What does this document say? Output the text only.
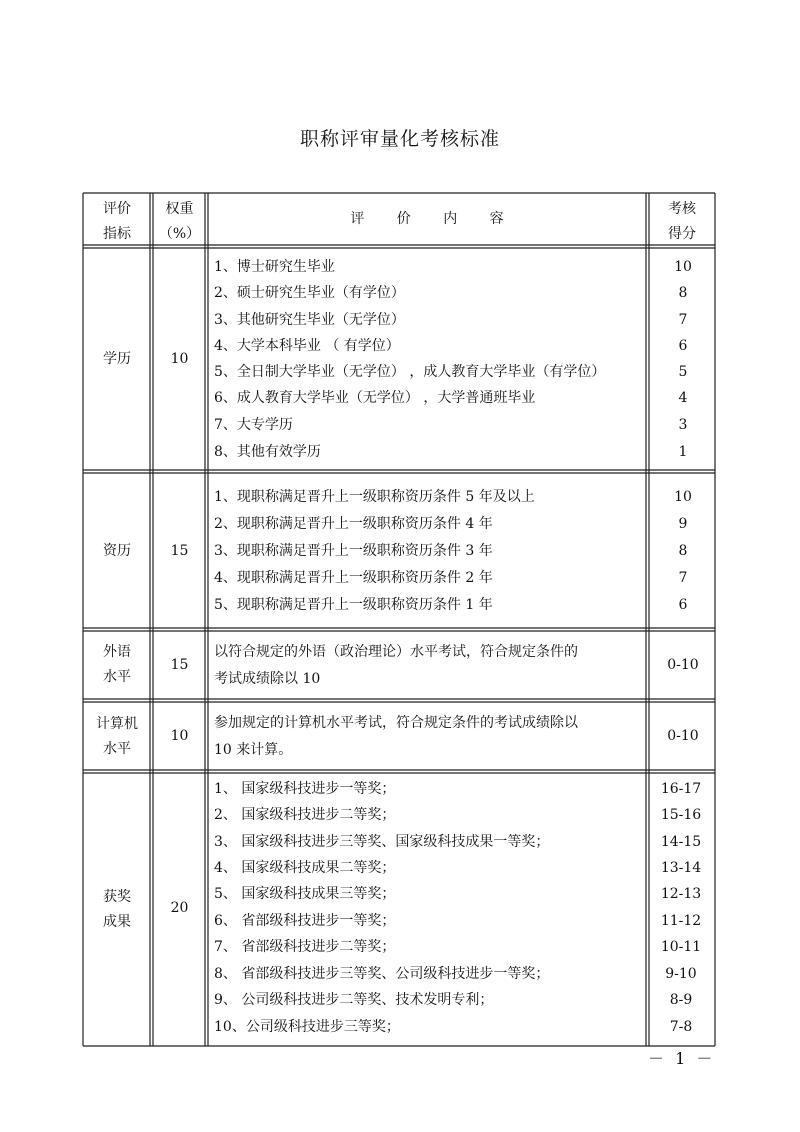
职称评审量化考核标准
评价
指标
权重
（%）
评 价 内 容
考核
得分
学历	10
1、博士研究生毕业
2、硕士研究生毕业（有学位）
3、其他研究生毕业（无学位）
4、大学本科毕业 （ 有学位）
5、全日制大学毕业（无学位） ，成人教育大学毕业（有学位）
6、成人教育大学毕业（无学位） ，大学普通班毕业
7、大专学历
8、其他有效学历
10
8
7
6
5
4
3
1
资历	15
1、现职称满足晋升上一级职称资历条件 5 年及以上
2、现职称满足晋升上一级职称资历条件 4 年
3、现职称满足晋升上一级职称资历条件 3 年
4、现职称满足晋升上一级职称资历条件 2 年
5、现职称满足晋升上一级职称资历条件 1 年
10
9
8
7
6
外语
水平
15
以符合规定的外语（政治理论）水平考试，符合规定条件的
考试成绩除以 10
0-10
计算机
水平
10
参加规定的计算机水平考试，符合规定条件的考试成绩除以
10 来计算。
0-10
获奖
成果
20
1、 国家级科技进步一等奖；
2、 国家级科技进步二等奖；
3、 国家级科技进步三等奖、国家级科技成果一等奖；
4、 国家级科技成果二等奖；
5、 国家级科技成果三等奖；
6、 省部级科技进步一等奖；
7、 省部级科技进步二等奖；
8、 省部级科技进步三等奖、公司级科技进步一等奖；
9、 公司级科技进步二等奖、技术发明专利；
10、公司级科技进步三等奖；
16-17
15-16
14-15
13-14
12-13
11-12
10-11
9-10
8-9
7-8
－ 1 －
